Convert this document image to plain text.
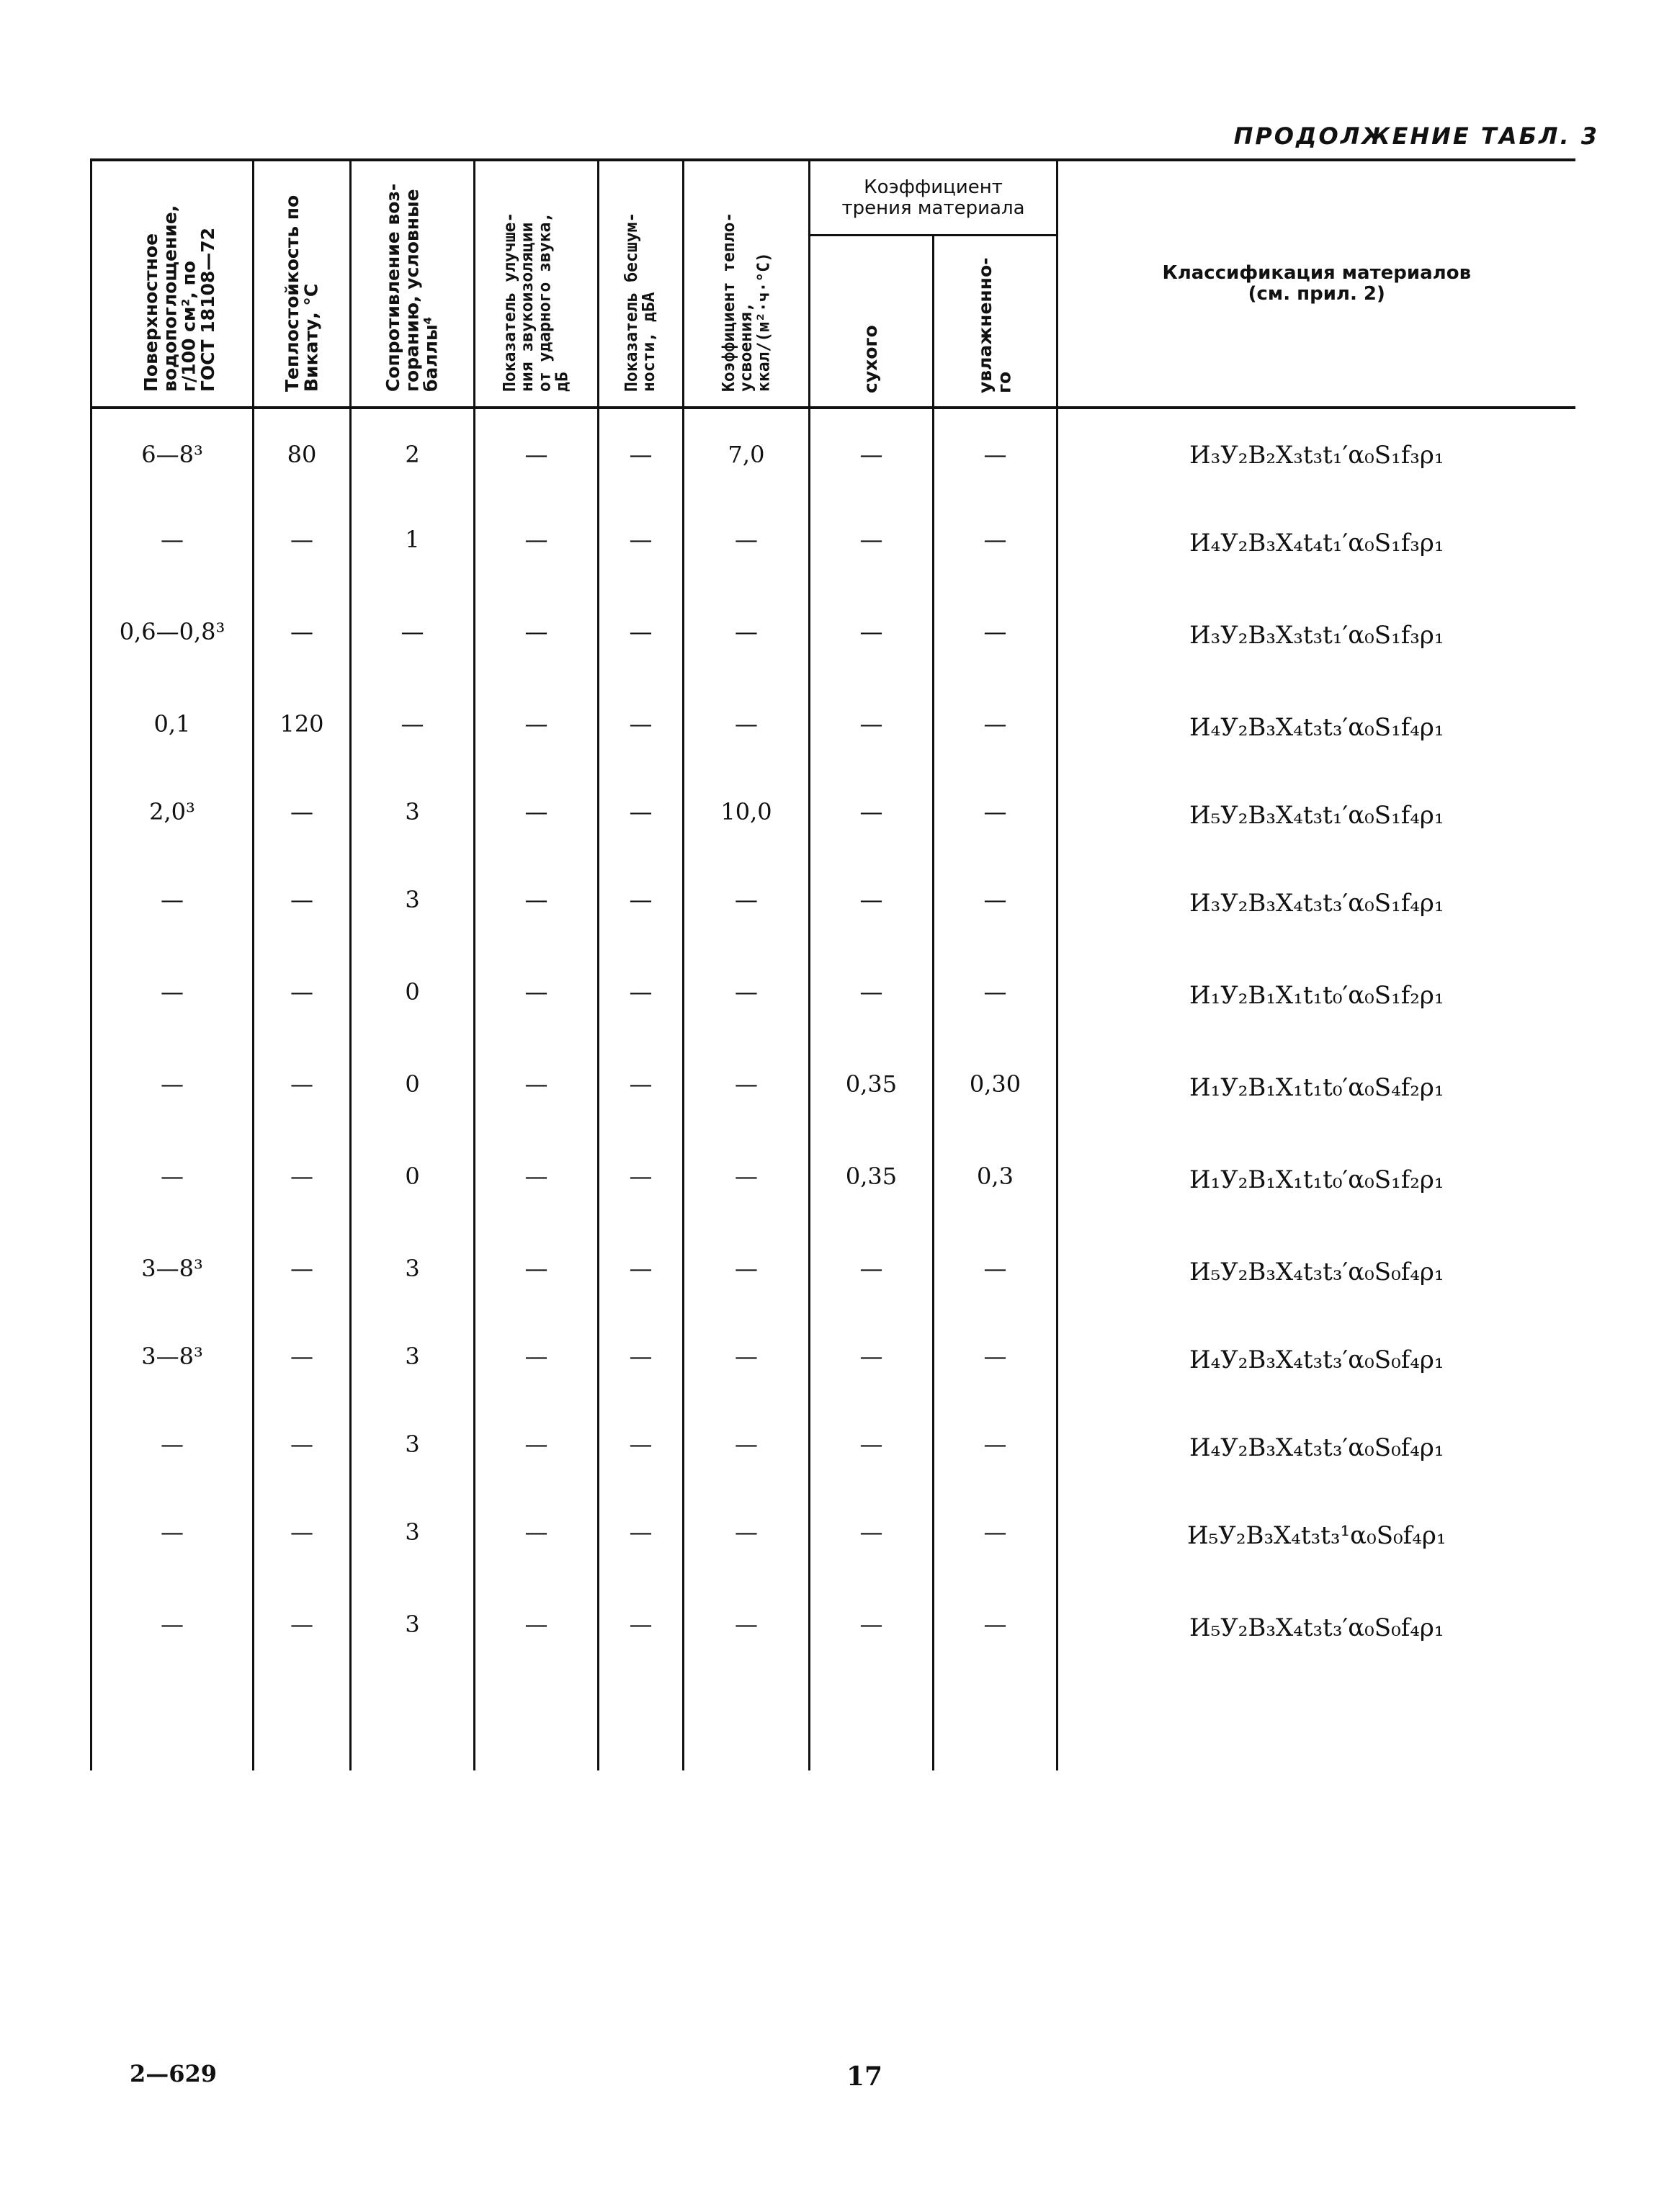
ПРОДОЛЖЕНИЕ ТАБЛ. 3
Поверхностное
водопоглощение,
г/100 см², по
ГОСТ 18108—72	Теплостойкость по
Викату, °С	Сопротивление воз-
горанию, условные
баллы⁴	Показатель улучше-
ния звукоизоляции
от ударного звука,
дБ	Показатель бесшум-
ности, дБА	Коэффициент тепло-
усвоения,
ккал/(м²·ч·°С)	Коэффициент
трения материала		Классификация материалов
(см. прил. 2)

						сухого	увлажненно-
го	

6—8³	80	2	—	—	7,0	—	—	И₃У₂В₂Х₃t₃t₁′α₀S₁f₃ρ₁
—	—	1	—	—	—	—	—	И₄У₂В₃Х₄t₄t₁′α₀S₁f₃ρ₁
0,6—0,8³	—	—	—	—	—	—	—	И₃У₂В₃Х₃t₃t₁′α₀S₁f₃ρ₁
0,1	120	—	—	—	—	—	—	И₄У₂В₃Х₄t₃t₃′α₀S₁f₄ρ₁
2,0³	—	3	—	—	10,0	—	—	И₅У₂В₃Х₄t₃t₁′α₀S₁f₄ρ₁
—	—	3	—	—	—	—	—	И₃У₂В₃Х₄t₃t₃′α₀S₁f₄ρ₁
—	—	0	—	—	—	—	—	И₁У₂В₁Х₁t₁t₀′α₀S₁f₂ρ₁
—	—	0	—	—	—	0,35	0,30	И₁У₂В₁Х₁t₁t₀′α₀S₄f₂ρ₁
—	—	0	—	—	—	0,35	0,3	И₁У₂В₁Х₁t₁t₀′α₀S₁f₂ρ₁
3—8³	—	3	—	—	—	—	—	И₅У₂В₃Х₄t₃t₃′α₀S₀f₄ρ₁
3—8³	—	3	—	—	—	—	—	И₄У₂В₃Х₄t₃t₃′α₀S₀f₄ρ₁
—	—	3	—	—	—	—	—	И₄У₂В₃Х₄t₃t₃′α₀S₀f₄ρ₁
—	—	3	—	—	—	—	—	И₅У₂В₃Х₄t₃t₃¹α₀S₀f₄ρ₁
—	—	3	—	—	—	—	—	И₅У₂В₃Х₄t₃t₃′α₀S₀f₄ρ₁

2—629	17
